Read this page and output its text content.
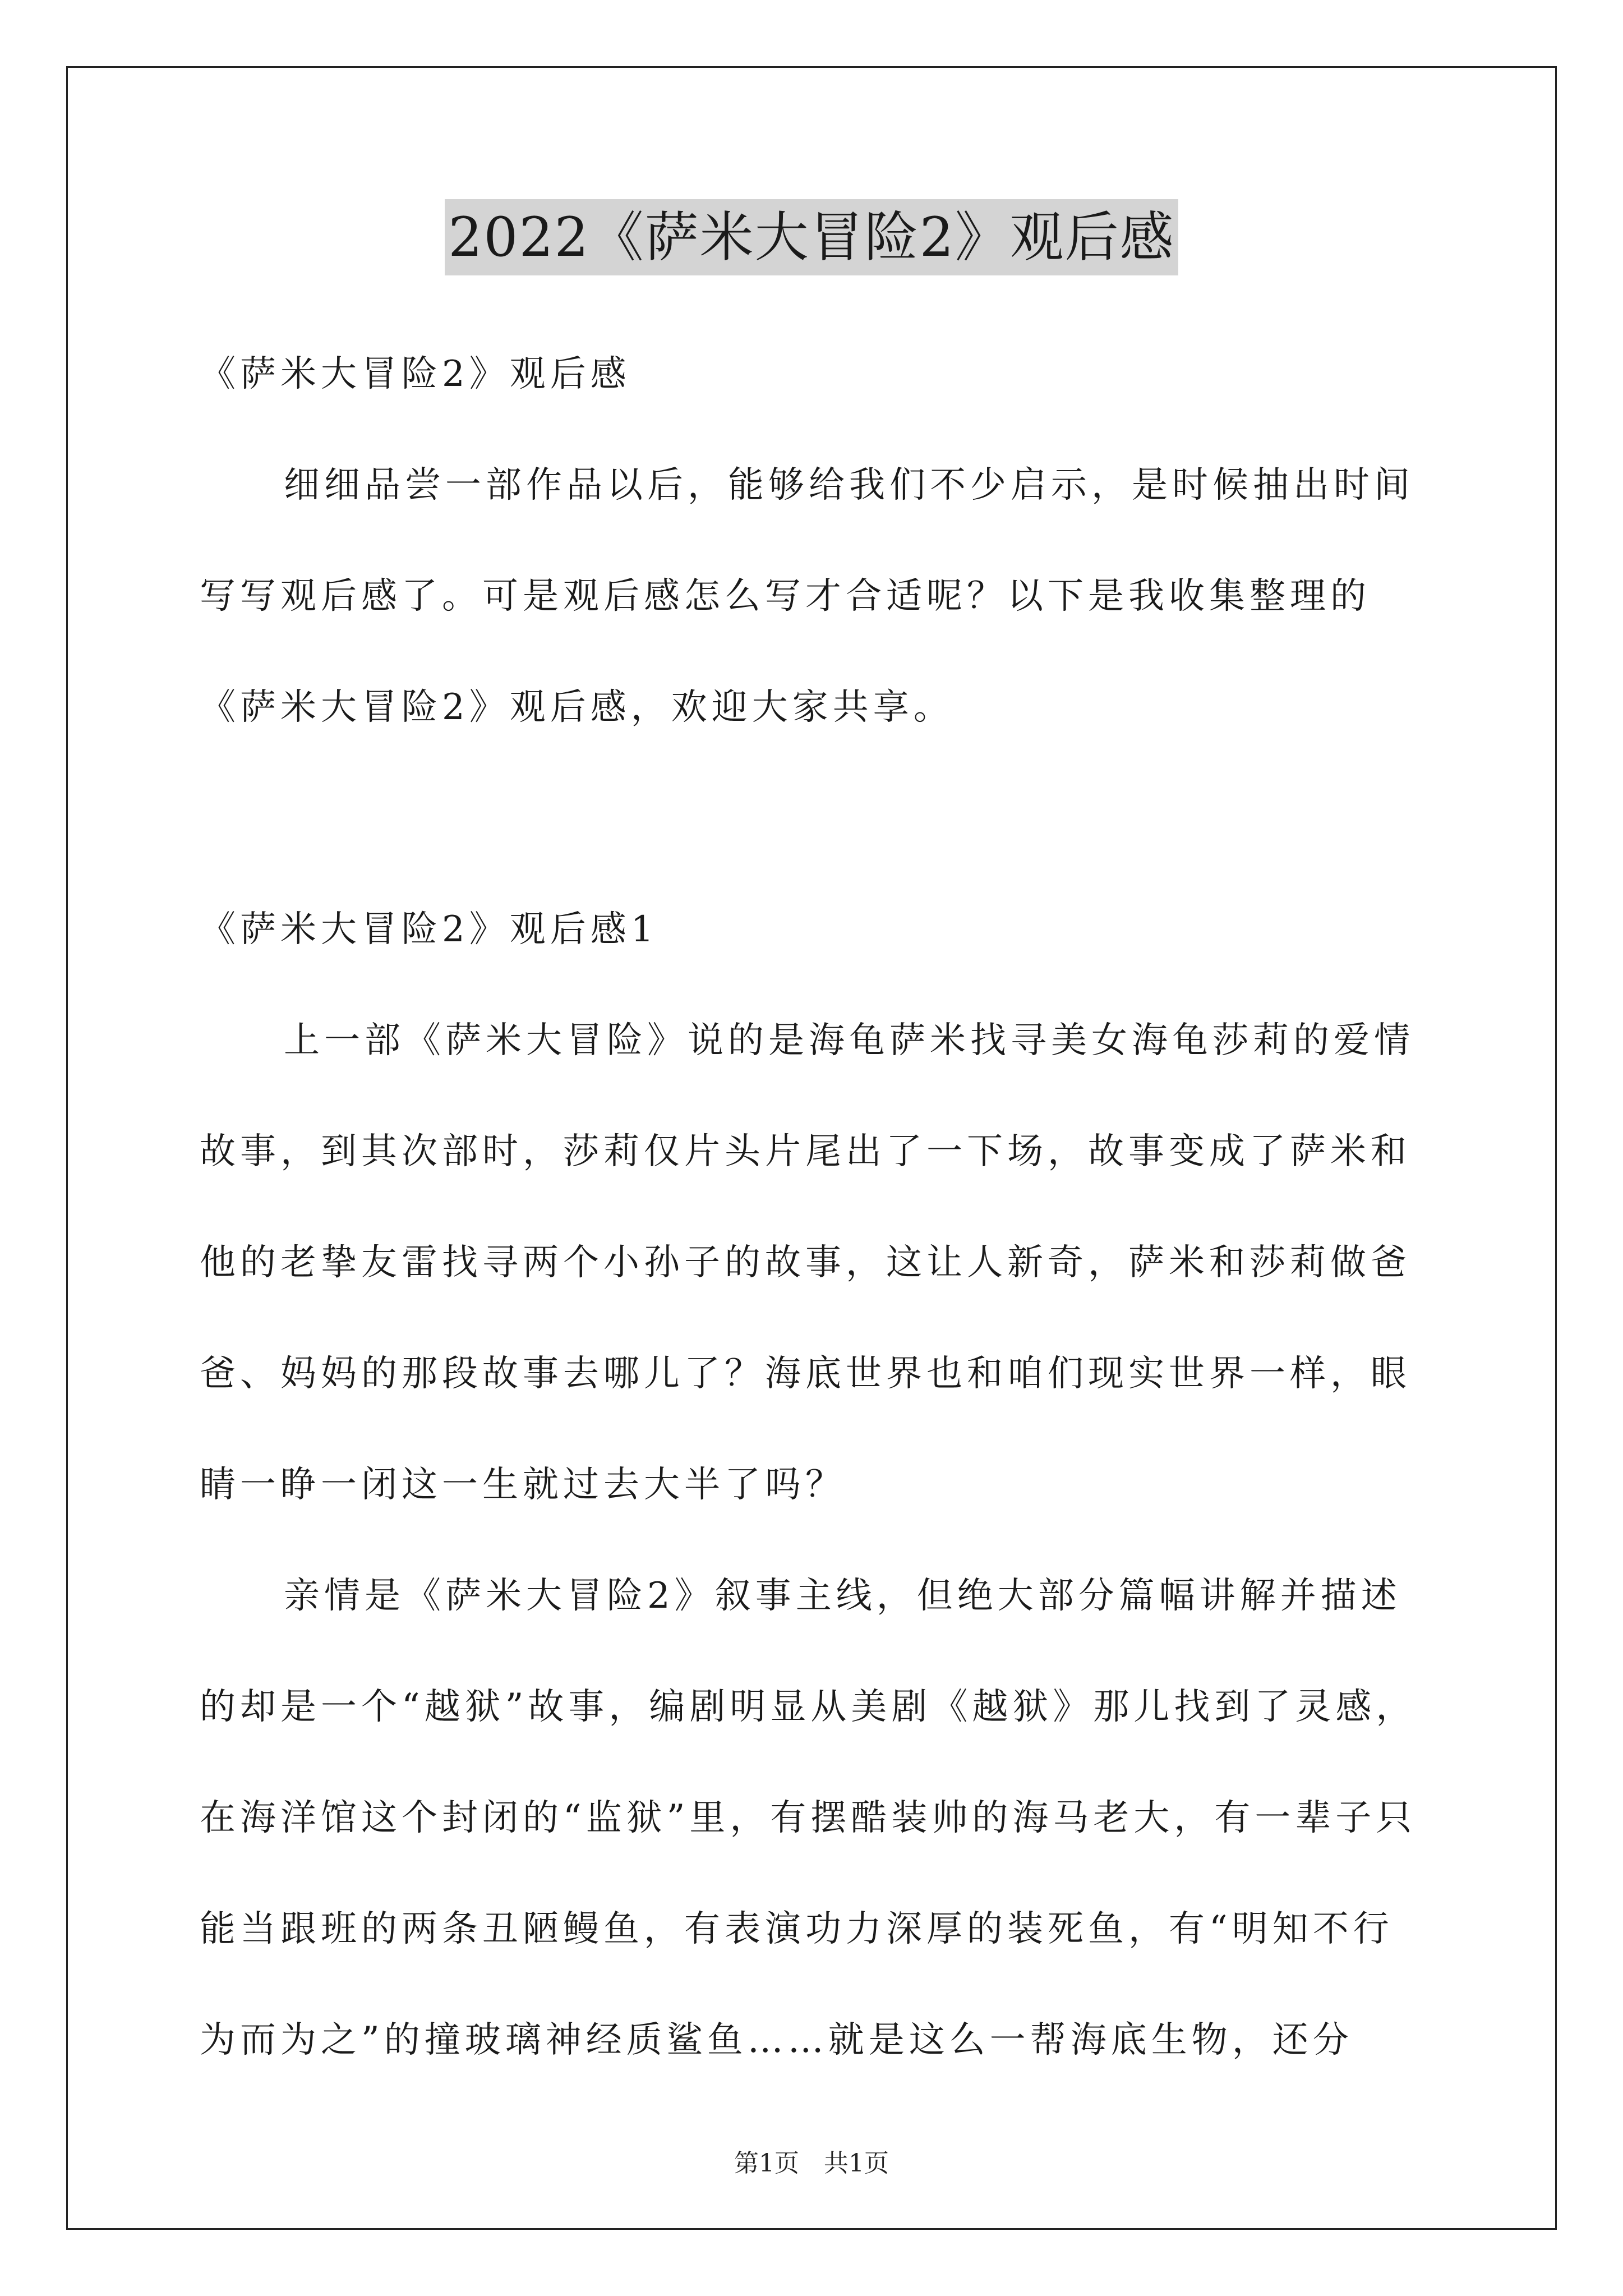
2022《萨米大冒险2》观后感

《萨米大冒险2》观后感

细细品尝一部作品以后，能够给我们不少启示，是时候抽出时间写写观后感了。可是观后感怎么写才合适呢？以下是我收集整理的《萨米大冒险2》观后感，欢迎大家共享。

《萨米大冒险2》观后感1

上一部《萨米大冒险》说的是海龟萨米找寻美女海龟莎莉的爱情故事，到其次部时，莎莉仅片头片尾出了一下场，故事变成了萨米和他的老挚友雷找寻两个小孙子的故事，这让人新奇，萨米和莎莉做爸爸、妈妈的那段故事去哪儿了？海底世界也和咱们现实世界一样，眼睛一睁一闭这一生就过去大半了吗？

亲情是《萨米大冒险2》叙事主线，但绝大部分篇幅讲解并描述的却是一个“越狱”故事，编剧明显从美剧《越狱》那儿找到了灵感，在海洋馆这个封闭的“监狱”里，有摆酷装帅的海马老大，有一辈子只能当跟班的两条丑陋鳗鱼，有表演功力深厚的装死鱼，有“明知不行为而为之”的撞玻璃神经质鲨鱼……就是这么一帮海底生物，还分

第1页 共1页
